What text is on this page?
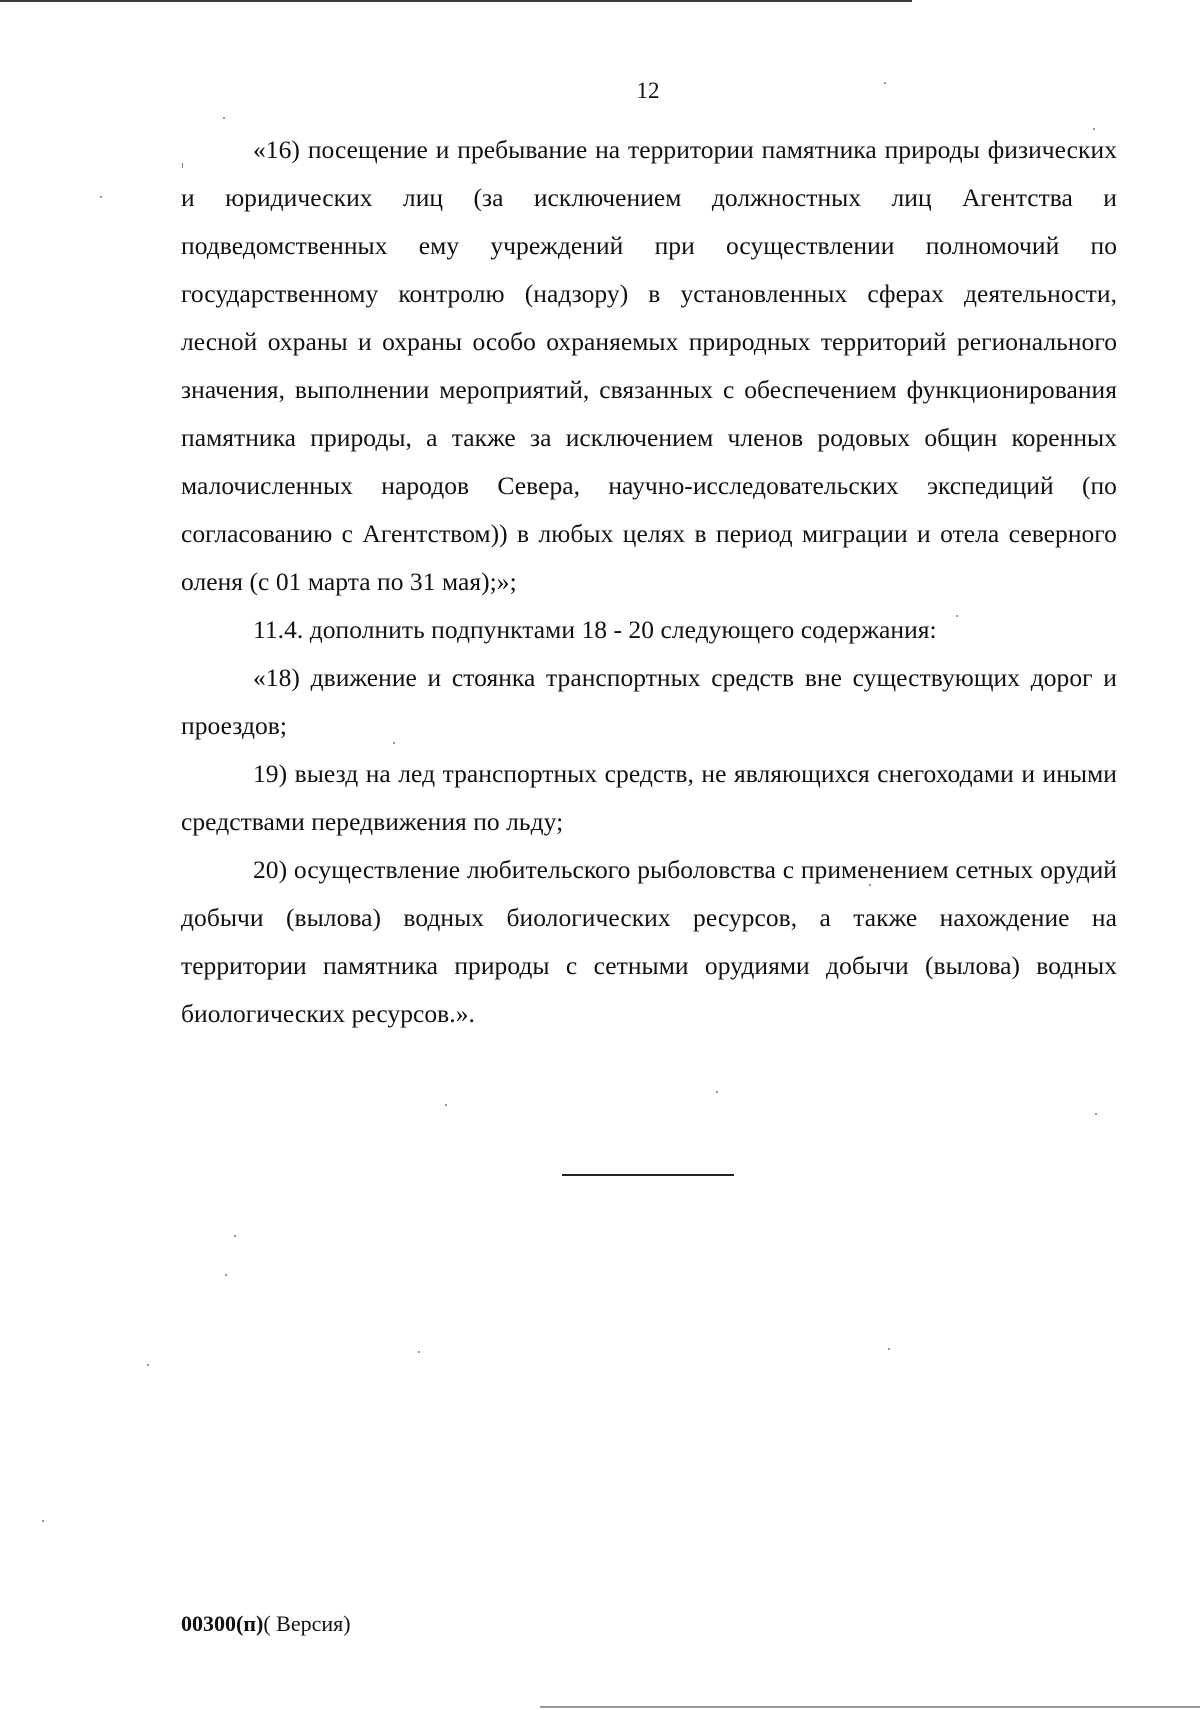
12

«16) посещение и пребывание на территории памятника природы физических и юридических лиц (за исключением должностных лиц Агентства и подведомственных ему учреждений при осуществлении полномочий по государственному контролю (надзору) в установленных сферах деятельности, лесной охраны и охраны особо охраняемых природных территорий регионального значения, выполнении мероприятий, связанных с обеспечением функционирования памятника природы, а также за исключением членов родовых общин коренных малочисленных народов Севера, научно-исследовательских экспедиций (по согласованию с Агентством)) в любых целях в период миграции и отела северного оленя (с 01 марта по 31 мая);»;

11.4. дополнить подпунктами 18 - 20 следующего содержания:

«18) движение и стоянка транспортных средств вне существующих дорог и проездов;

19) выезд на лед транспортных средств, не являющихся снегоходами и иными средствами передвижения по льду;

20) осуществление любительского рыболовства с применением сетных орудий добычи (вылова) водных биологических ресурсов, а также нахождение на территории памятника природы с сетными орудиями добычи (вылова) водных биологических ресурсов.».

00300(п)( Версия)
